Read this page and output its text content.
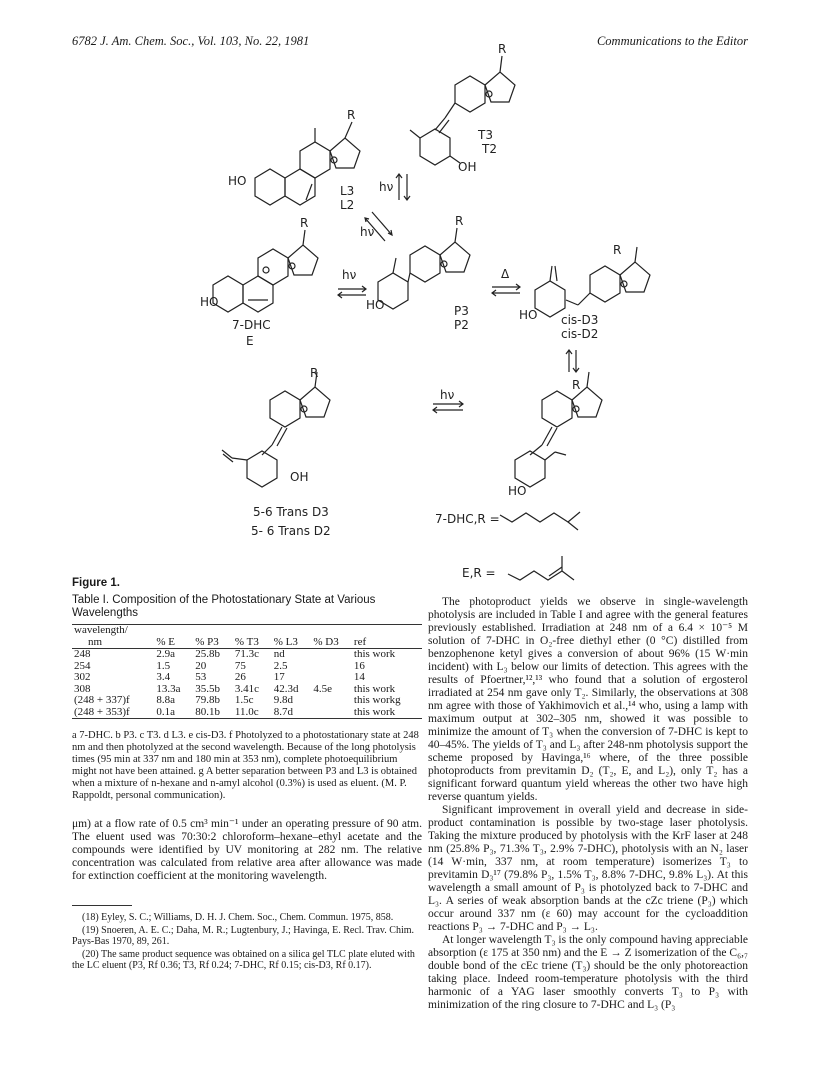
6782 J. Am. Chem. Soc., Vol. 103, No. 22, 1981	Communications to the Editor
R
HO
L3
L2
R
T3
T2
OH
hν
hν
R
HO
7-DHC
E
hν
R
HO	P3
P2
Δ
R
HO cis-D3
cis-D2
R
OH
5-6 Trans D3
5- 6 Trans D2
hν
R
HO
7-DHC,R =
E,R =
Figure 1.
Table I. Composition of the Photostationary State at Various Wavelengths
wavelength/						
nm	% E	% P3	% T3	% L3	% D3	ref
248	2.9a	25.8b	71.3c	nd		this work
254	1.5	20	75	2.5		16
302	3.4	53	26	17		14
308	13.3a	35.5b	3.41c	42.3d	4.5e	this work
(248 + 337)f	8.8a	79.8b	1.5c	9.8d		this workg
(248 + 353)f	0.1a	80.1b	11.0c	8.7d		this work
a 7-DHC. b P3. c T3. d L3. e cis-D3. f Photolyzed to a photostationary state at 248 nm and then photolyzed at the second wavelength. Because of the long photolysis times (95 min at 337 nm and 180 min at 353 nm), complete photoequilibrium might not have been attained. g A better separation between P3 and L3 is obtained when a mixture of n-hexane and n-amyl alcohol (0.3%) is used as eluent. (M. P. Rappoldt, personal communication).

μm) at a flow rate of 0.5 cm³ min⁻¹ under an operating pressure of 90 atm. The eluent used was 70:30:2 chloroform–hexane–ethyl acetate and the compounds were identified by UV monitoring at 282 nm. The relative concentration was calculated from relative area after allowance was made for extinction coefficient at the monitoring wavelength.

(18) Eyley, S. C.; Williams, D. H. J. Chem. Soc., Chem. Commun. 1975, 858.

(19) Snoeren, A. E. C.; Daha, M. R.; Lugtenbury, J.; Havinga, E. Recl. Trav. Chim. Pays-Bas 1970, 89, 261.

(20) The same product sequence was obtained on a silica gel TLC plate eluted with the LC eluent (P3, Rf 0.36; T3, Rf 0.24; 7-DHC, Rf 0.15; cis-D3, Rf 0.17).

The photoproduct yields we observe in single-wavelength photolysis are included in Table I and agree with the general features previously established. Irradiation at 248 nm of a 6.4 × 10⁻⁵ M solution of 7-DHC in O₂-free diethyl ether (0 °C) distilled from benzophenone ketyl gives a conversion of about 96% (15 W·min incident) with L₃ below our limits of detection. This agrees with the results of Pfoertner,¹²,¹³ who found that a solution of ergosterol irradiated at 254 nm gave only T₂. Similarly, the observations at 308 nm agree with those of Yakhimovich et al.,¹⁴ who, using a lamp with maximum output at 302–305 nm, showed it was possible to minimize the amount of T₃ when the conversion of 7-DHC is kept to 40–45%. The yields of T₃ and L₃ after 248-nm photolysis support the scheme proposed by Havinga,¹⁶ where, of the three possible photoproducts from previtamin D₂ (T₂, E, and L₂), only T₂ has a significant forward quantum yield whereas the other two have high reverse quantum yields.

Significant improvement in overall yield and decrease in side-product contamination is possible by two-stage laser photolysis. Taking the mixture produced by photolysis with the KrF laser at 248 nm (25.8% P₃, 71.3% T₃, 2.9% 7-DHC), photolysis with an N₂ laser (14 W·min, 337 nm, at room temperature) isomerizes T₃ to previtamin D₃¹⁷ (79.8% P₃, 1.5% T₃, 8.8% 7-DHC, 9.8% L₃). At this wavelength a small amount of P₃ is photolyzed back to 7-DHC and L₃. A series of weak absorption bands at the cZc triene (P₃) which occur around 337 nm (ε 60) may account for the cycloaddition reactions P₃ → 7-DHC and P₃ → L₃.

At longer wavelength T₃ is the only compound having appreciable absorption (ε 175 at 350 nm) and the E → Z isomerization of the C₆,₇ double bond of the cEc triene (T₃) should be the only photoreaction taking place. Indeed room-temperature photolysis with the third harmonic of a YAG laser smoothly converts T₃ to P₃ with minimization of the ring closure to 7-DHC and L₃ (P₃
